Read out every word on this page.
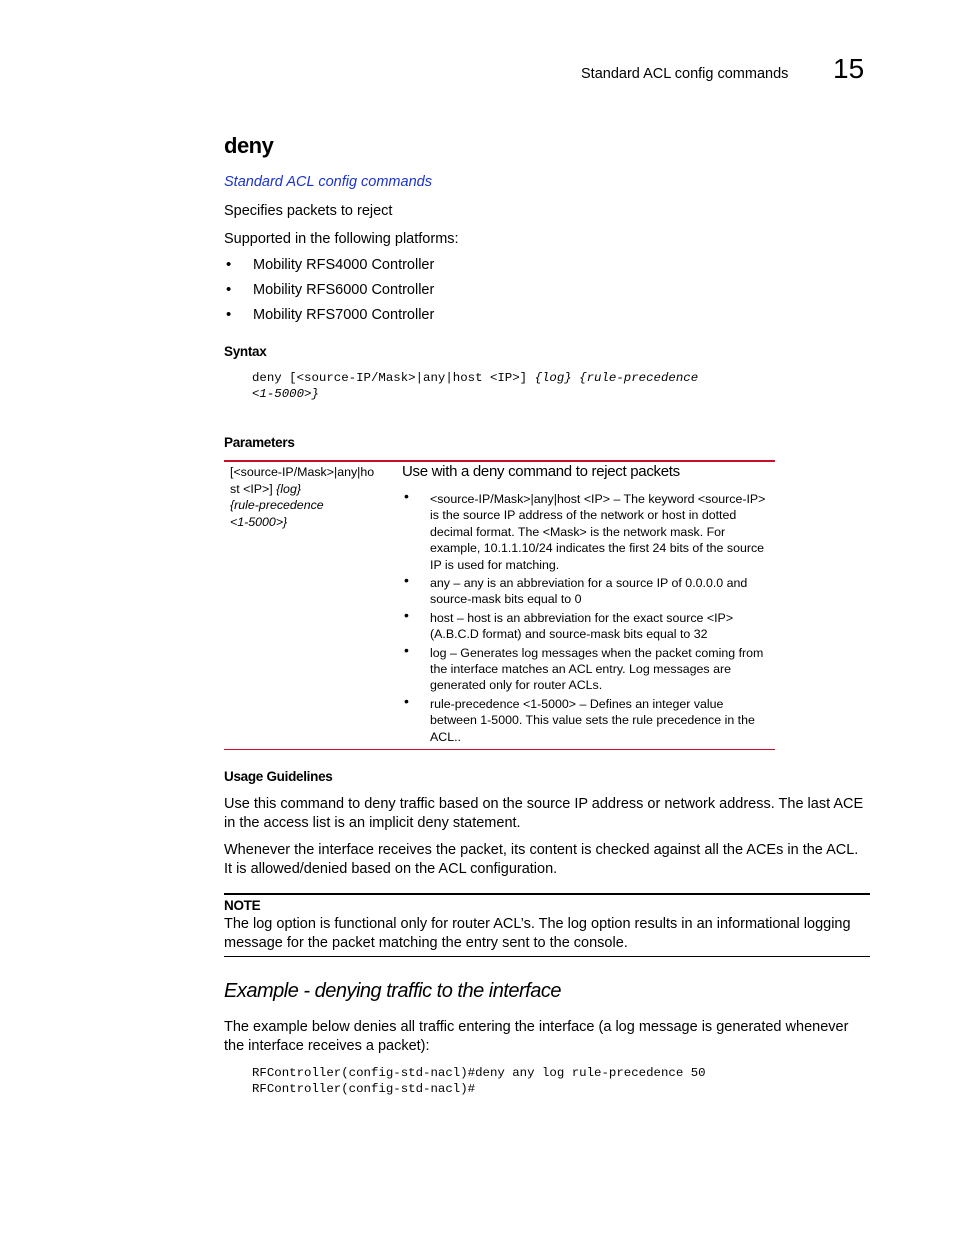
Standard ACL config commands 15
deny
Standard ACL config commands
Specifies packets to reject
Supported in the following platforms:
• Mobility RFS4000 Controller
• Mobility RFS6000 Controller
• Mobility RFS7000 Controller
Syntax
deny [<source-IP/Mask>|any|host <IP>] {log} {rule-precedence
<1-5000>}
Parameters
[<source-IP/Mask>|any|ho
st <IP>] {log}
{rule-precedence
<1-5000>}
Use with a deny command to reject packets
• <source-IP/Mask>|any|host <IP> – The keyword <source-IP> is the source IP address of the network or host in dotted decimal format. The <Mask> is the network mask. For example, 10.1.1.10/24 indicates the first 24 bits of the source IP is used for matching.
• any – any is an abbreviation for a source IP of 0.0.0.0 and source-mask bits equal to 0
• host – host is an abbreviation for the exact source <IP> (A.B.C.D format) and source-mask bits equal to 32
• log – Generates log messages when the packet coming from the interface matches an ACL entry. Log messages are generated only for router ACLs.
• rule-precedence <1-5000> – Defines an integer value between 1-5000. This value sets the rule precedence in the ACL..
Usage Guidelines
Use this command to deny traffic based on the source IP address or network address. The last ACE in the access list is an implicit deny statement.
Whenever the interface receives the packet, its content is checked against all the ACEs in the ACL. It is allowed/denied based on the ACL configuration.
NOTE
The log option is functional only for router ACL’s. The log option results in an informational logging message for the packet matching the entry sent to the console.
Example - denying traffic to the interface
The example below denies all traffic entering the interface (a log message is generated whenever the interface receives a packet):
RFController(config-std-nacl)#deny any log rule-precedence 50
RFController(config-std-nacl)#
